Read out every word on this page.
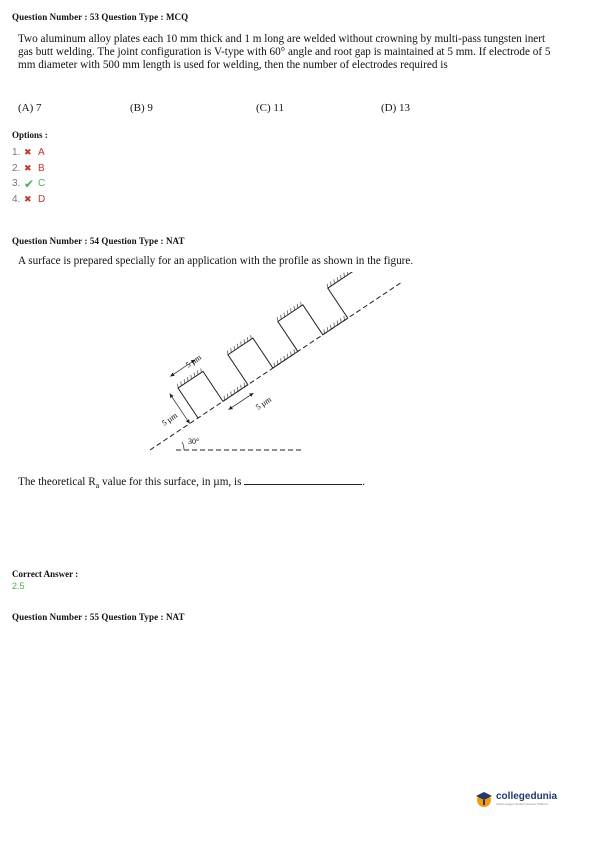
Question Number : 53 Question Type : MCQ
Two aluminum alloy plates each 10 mm thick and 1 m long are welded without crowning by multi-pass tungsten inert gas butt welding. The joint configuration is V-type with 60° angle and root gap is maintained at 5 mm. If electrode of 5 mm diameter with 500 mm length is used for welding, then the number of electrodes required is
(A) 7	(B) 9	(C) 11	(D) 13
Options :
1. ✖ A
2. ✖ B
3. ✔ C
4. ✖ D
Question Number : 54 Question Type : NAT
A surface is prepared specially for an application with the profile as shown in the figure.
30°
5 µm
5 µm
5 µm
The theoretical $R_a$ value for this surface, in µm, is	.
Correct Answer :
2.5
Question Number : 55 Question Type : NAT
collegedunia
India's largest Student Review Platform
